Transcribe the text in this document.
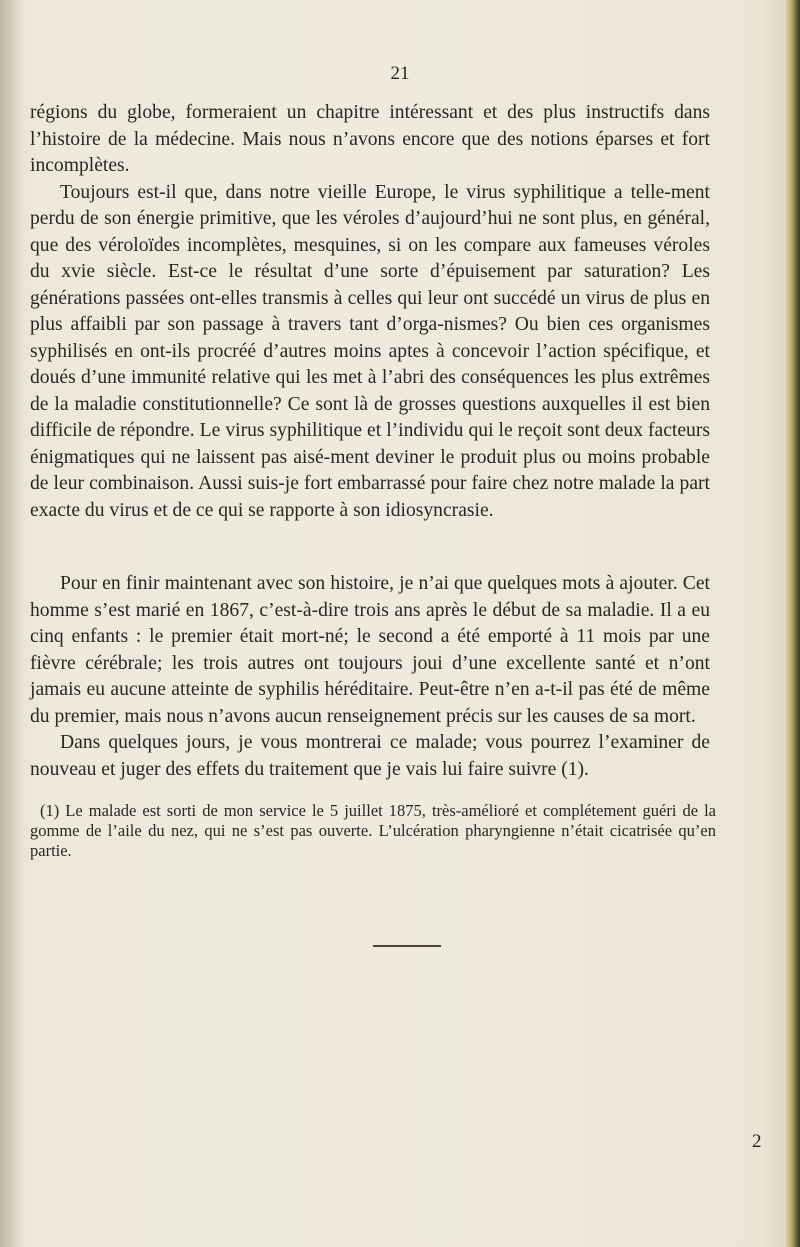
21

régions du globe, formeraient un chapitre intéressant et des plus instructifs dans l’histoire de la médecine. Mais nous n’avons encore que des notions éparses et fort incomplètes.

Toujours est-il que, dans notre vieille Europe, le virus syphilitique a telle-ment perdu de son énergie primitive, que les véroles d’aujourd’hui ne sont plus, en général, que des véroloïdes incomplètes, mesquines, si on les compare aux fameuses véroles du xvie siècle. Est-ce le résultat d’une sorte d’épuisement par saturation? Les générations passées ont-elles transmis à celles qui leur ont succédé un virus de plus en plus affaibli par son passage à travers tant d’orga-nismes? Ou bien ces organismes syphilisés en ont-ils procréé d’autres moins aptes à concevoir l’action spécifique, et doués d’une immunité relative qui les met à l’abri des conséquences les plus extrêmes de la maladie constitutionnelle? Ce sont là de grosses questions auxquelles il est bien difficile de répondre. Le virus syphilitique et l’individu qui le reçoit sont deux facteurs énigmatiques qui ne laissent pas aisé-ment deviner le produit plus ou moins probable de leur combinaison. Aussi suis-je fort embarrassé pour faire chez notre malade la part exacte du virus et de ce qui se rapporte à son idiosyncrasie.

Pour en finir maintenant avec son histoire, je n’ai que quelques mots à ajouter. Cet homme s’est marié en 1867, c’est-à-dire trois ans après le début de sa maladie. Il a eu cinq enfants : le premier était mort-né; le second a été emporté à 11 mois par une fièvre cérébrale; les trois autres ont toujours joui d’une excellente santé et n’ont jamais eu aucune atteinte de syphilis héréditaire. Peut-être n’en a-t-il pas été de même du premier, mais nous n’avons aucun renseignement précis sur les causes de sa mort.

Dans quelques jours, je vous montrerai ce malade; vous pourrez l’examiner de nouveau et juger des effets du traitement que je vais lui faire suivre (1).

(1) Le malade est sorti de mon service le 5 juillet 1875, très-amélioré et complétement guéri de la gomme de l’aile du nez, qui ne s’est pas ouverte. L’ulcération pharyngienne n’était cicatrisée qu’en partie.

2
